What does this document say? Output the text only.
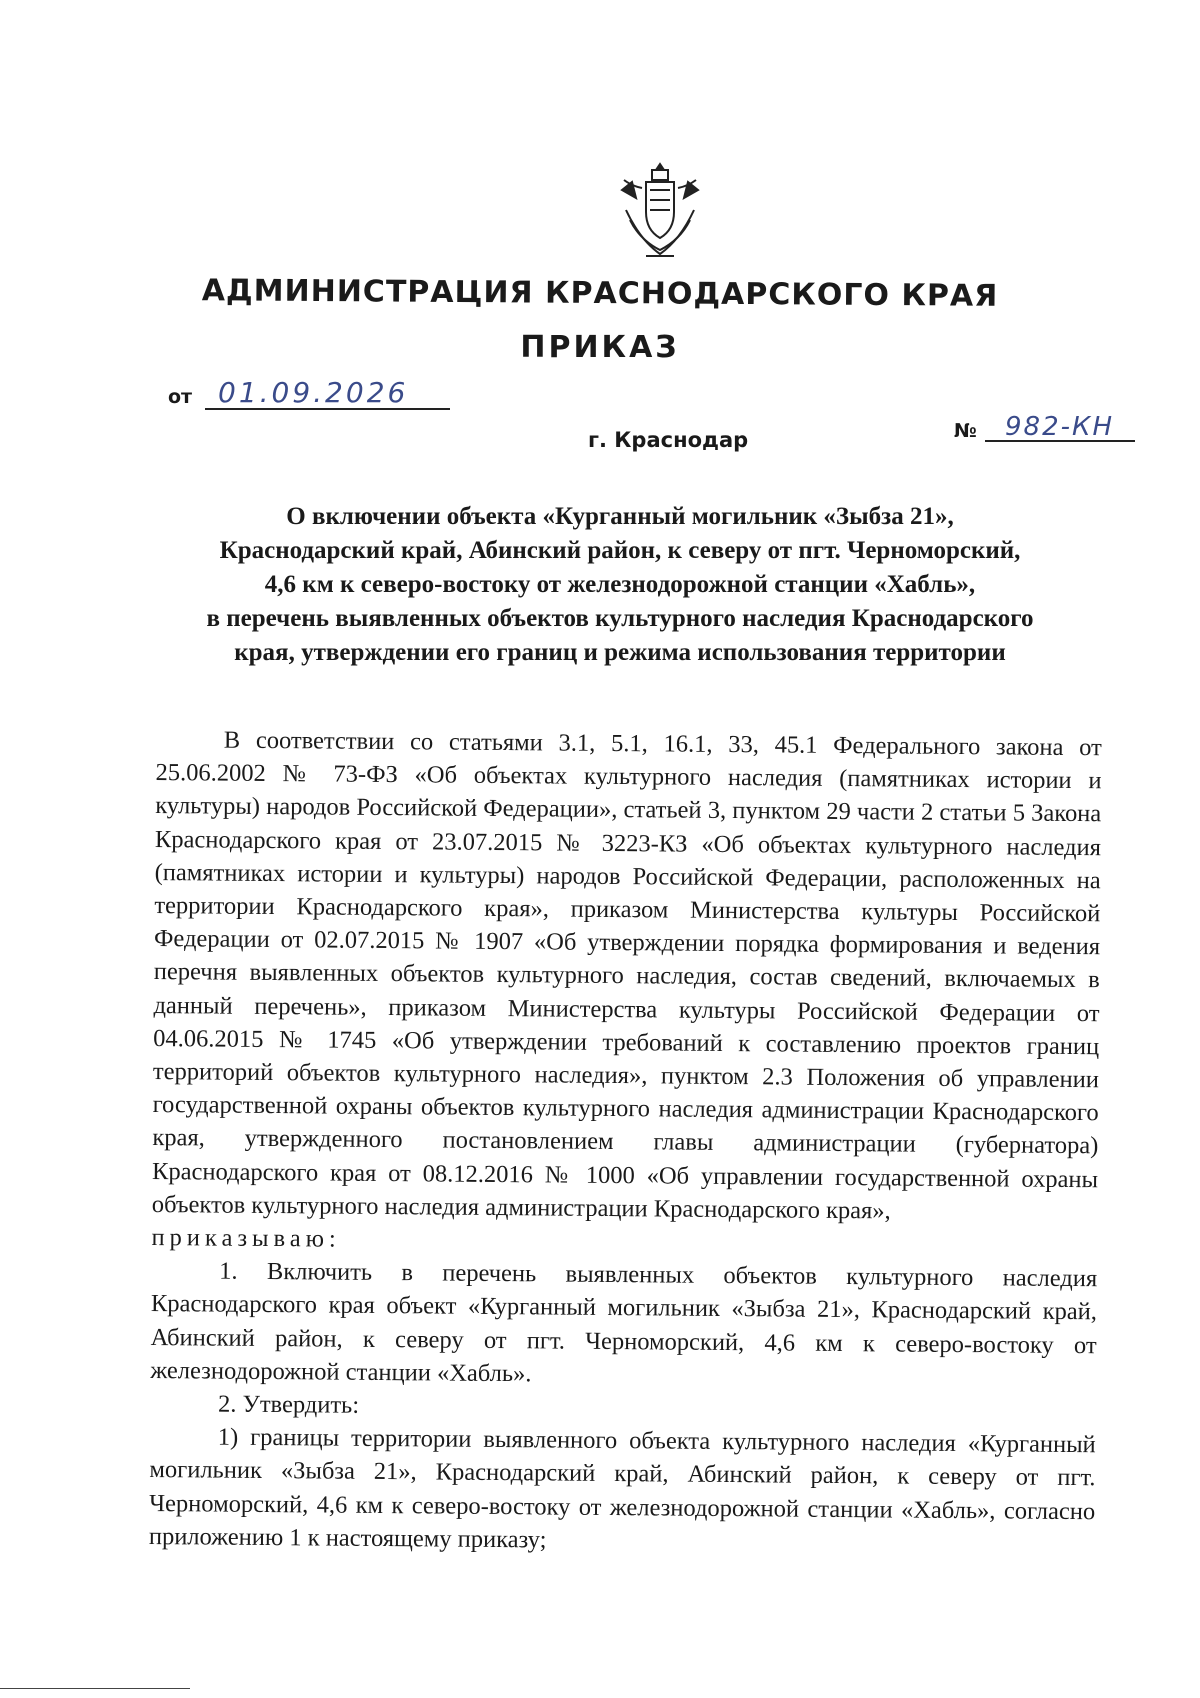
АДМИНИСТРАЦИЯ КРАСНОДАРСКОГО КРАЯ
ПРИКАЗ
от 01.09.2026
г. Краснодар	№ 982-КН
О включении объекта «Курганный могильник «Зыбза 21»,
Краснодарский край, Абинский район, к северу от пгт. Черноморский,
4,6 км к северо-востоку от железнодорожной станции «Хабль»,
в перечень выявленных объектов культурного наследия Краснодарского
края, утверждении его границ и режима использования территории

В соответствии со статьями 3.1, 5.1, 16.1, 33, 45.1 Федерального закона от 25.06.2002 № 73-ФЗ «Об объектах культурного наследия (памятниках истории и культуры) народов Российской Федерации», статьей 3, пунктом 29 части 2 статьи 5 Закона Краснодарского края от 23.07.2015 № 3223-КЗ «Об объектах культурного наследия (памятниках истории и культуры) народов Российской Федерации, расположенных на территории Краснодарского края», приказом Министерства культуры Российской Федерации от 02.07.2015 № 1907 «Об утверждении порядка формирования и ведения перечня выявленных объектов культурного наследия, состав сведений, включаемых в данный перечень», приказом Министерства культуры Российской Федерации от 04.06.2015 № 1745 «Об утверждении требований к составлению проектов границ территорий объектов культурного наследия», пунктом 2.3 Положения об управлении государственной охраны объектов культурного наследия администрации Краснодарского края, утвержденного постановлением главы администрации (губернатора) Краснодарского края от 08.12.2016 № 1000 «Об управлении государственной охраны объектов культурного наследия администрации Краснодарского края»,

приказываю:

1. Включить в перечень выявленных объектов культурного наследия Краснодарского края объект «Курганный могильник «Зыбза 21», Краснодарский край, Абинский район, к северу от пгт. Черноморский, 4,6 км к северо-востоку от железнодорожной станции «Хабль».

2. Утвердить:

1) границы территории выявленного объекта культурного наследия «Курганный могильник «Зыбза 21», Краснодарский край, Абинский район, к северу от пгт. Черноморский, 4,6 км к северо-востоку от железнодорожной станции «Хабль», согласно приложению 1 к настоящему приказу;
